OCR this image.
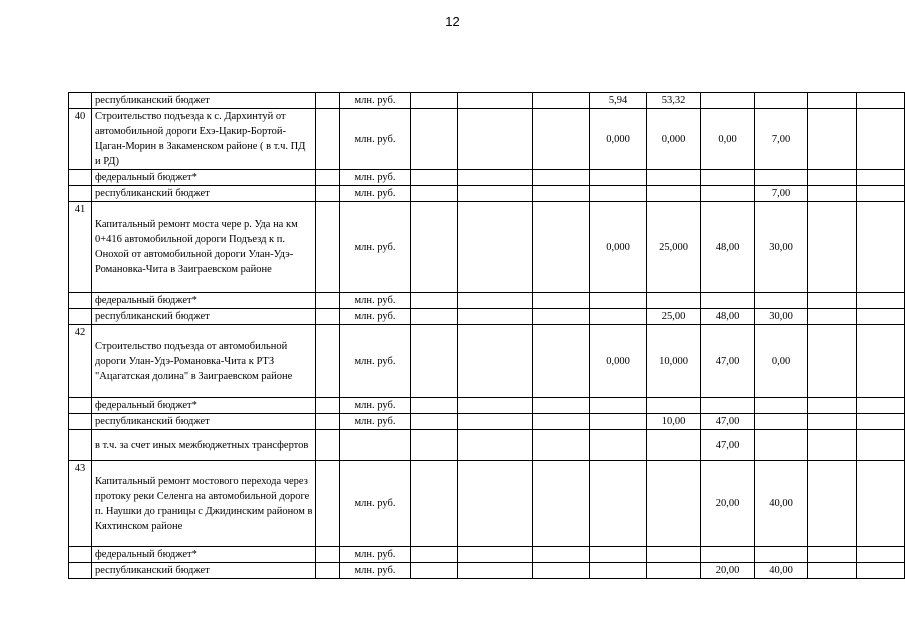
12
	республиканский бюджет		млн. руб.				5,94	53,32				
40	Строительство подъезда к с. Дархинтуй от автомобильной дороги Ехэ-Цакир-Бортой-Цаган-Морин в Закаменском районе ( в т.ч. ПД и РД)		млн. руб.				0,000	0,000	0,00	7,00		
	федеральный бюджет*		млн. руб.									
	республиканский бюджет		млн. руб.							7,00		
41	Капитальный ремонт моста чере р. Уда на км 0+416 автомобильной дороги Подъезд к п. Онохой от автомобильной дороги Улан-Удэ-Романовка-Чита в Заиграевском районе		млн. руб.				0,000	25,000	48,00	30,00		
	федеральный бюджет*		млн. руб.									
	республиканский бюджет		млн. руб.					25,00	48,00	30,00		
42	Строительство подъезда от автомобильной дороги Улан-Удэ-Романовка-Чита к РТЗ "Ацагатская долина" в Заиграевском районе		млн. руб.				0,000	10,000	47,00	0,00		
	федеральный бюджет*		млн. руб.									
	республиканский бюджет		млн. руб.					10,00	47,00			
	в т.ч. за счет иных межбюджетных трансфертов								47,00			
43	Капитальный ремонт мостового перехода через протоку реки Селенга на автомобильной дороге п. Наушки до границы с Джидинским районом в Кяхтинском районе		млн. руб.						20,00	40,00		
	федеральный бюджет*		млн. руб.									
	республиканский бюджет		млн. руб.						20,00	40,00		
